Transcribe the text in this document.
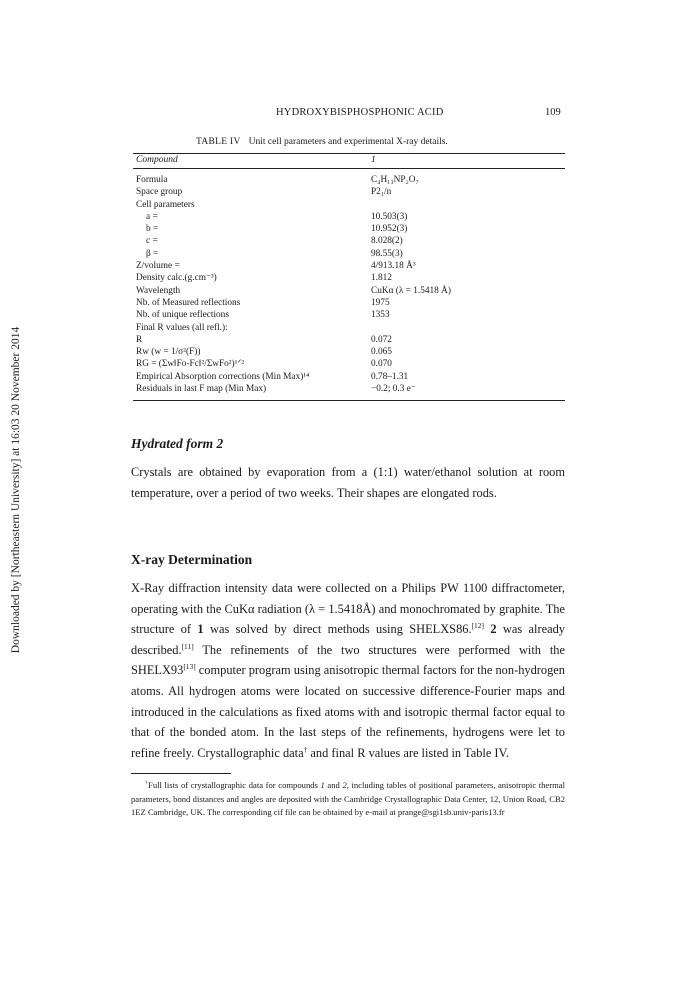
Downloaded by [Northeastern University] at 16:03 20 November 2014
HYDROXYBISPHOSPHONIC ACID	109
TABLE IV Unit cell parameters and experimental X-ray details.
Compound	1
Formula	C₄H₁₃NP₂O₇
Space group	P2₁/n
Cell parameters
a =	10.503(3)
b =	10.952(3)
c =	8.028(2)
β =	98.55(3)
Z/volume =	4/913.18 Å³
Density calc.(g.cm⁻³)	1.812
Wavelength	CuKα (λ = 1.5418 Å)
Nb. of Measured reflections	1975
Nb. of unique reflections	1353
Final R values (all refl.):
R	0.072
Rw (w = 1/σ²(F))	0.065
RG = (Σw‖Fo-Fc‖²/ΣwFo²)¹ᐟ²	0.070
Empirical Absorption corrections (Min Max)¹⁴	0.78–1.31
Residuals in last F map (Min Max)	−0.2; 0.3 e⁻
Hydrated form 2

Crystals are obtained by evaporation from a (1:1) water/ethanol solution at room temperature, over a period of two weeks. Their shapes are elongated rods.

X-ray Determination

X-Ray diffraction intensity data were collected on a Philips PW 1100 diffractometer, operating with the CuKα radiation (λ = 1.5418Å) and monochromated by graphite. The structure of 1 was solved by direct methods using SHELXS86.[12] 2 was already described.[11] The refinements of the two structures were performed with the SHELX93[13] computer program using anisotropic thermal factors for the non-hydrogen atoms. All hydrogen atoms were located on successive difference-Fourier maps and introduced in the calculations as fixed atoms with and isotropic thermal factor equal to that of the bonded atom. In the last steps of the refinements, hydrogens were let to refine freely. Crystallographic data† and final R values are listed in Table IV.

†Full lists of crystallographic data for compounds 1 and 2, including tables of positional parameters, anisotropic thermal parameters, bond distances and angles are deposited with the Cambridge Crystallographic Data Center, 12, Union Road, CB2 1EZ Cambridge, UK. The corresponding cif file can be obtained by e-mail at prange@sgi1sb.univ-paris13.fr
